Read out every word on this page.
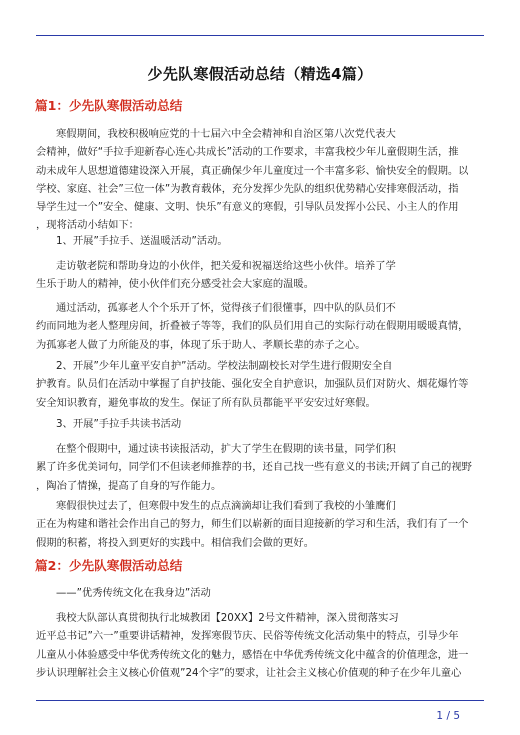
少先队寒假活动总结（精选4篇）
篇1：少先队寒假活动总结
寒假期间，我校积极响应党的十七届六中全会精神和自治区第八次党代表大
会精神，做好“手拉手迎新春心连心共成长”活动的工作要求，丰富我校少年儿童假期生活，推
动未成年人思想道德建设深入开展，真正确保少年儿童度过一个丰富多彩、愉快安全的假期。以
学校、家庭、社会”三位一体”为教育载体，充分发挥少先队的组织优势精心安排寒假活动，指
导学生过一个”安全、健康、文明、快乐”有意义的寒假，引导队员发挥小公民、小主人的作用
，现将活动小结如下：
1、开展”手拉手、送温暖活动”活动。
走访敬老院和帮助身边的小伙伴，把关爱和祝福送给这些小伙伴。培养了学
生乐于助人的精神，使小伙伴们充分感受社会大家庭的温暖。
通过活动，孤寡老人个个乐开了怀，觉得孩子们很懂事，四中队的队员们不
约而同地为老人整理房间，折叠被子等等，我们的队员们用自己的实际行动在假期用暖暖真情，
为孤寡老人做了力所能及的事，体现了乐于助人、孝顺长辈的赤子之心。
2、开展”少年儿童平安自护”活动。学校法制副校长对学生进行假期安全自
护教育。队员们在活动中掌握了自护技能、强化安全自护意识，加强队员们对防火、烟花爆竹等
安全知识教育，避免事故的发生。保证了所有队员都能平平安安过好寒假。
3、开展”手拉手共读书活动
在整个假期中，通过读书读报活动，扩大了学生在假期的读书量，同学们积
累了许多优美词句，同学们不但读老师推荐的书，还自己找一些有意义的书读;开阔了自己的视野
，陶冶了情操，提高了自身的写作能力。
寒假很快过去了，但寒假中发生的点点滴滴却让我们看到了我校的小雏鹰们
正在为构建和谐社会作出自己的努力，师生们以崭新的面目迎接新的学习和生活，我们有了一个
假期的积蓄，将投入到更好的实践中。相信我们会做的更好。
篇2：少先队寒假活动总结
——”优秀传统文化在我身边”活动
我校大队部认真贯彻执行北城教团【20XX】2号文件精神，深入贯彻落实习
近平总书记”六一”重要讲话精神，发挥寒假节庆、民俗等传统文化活动集中的特点，引导少年
儿童从小体验感受中华优秀传统文化的魅力，感悟在中华优秀传统文化中蕴含的价值理念，进一
步认识理解社会主义核心价值观”24个字”的要求，让社会主义核心价值观的种子在少年儿童心
1 / 5
